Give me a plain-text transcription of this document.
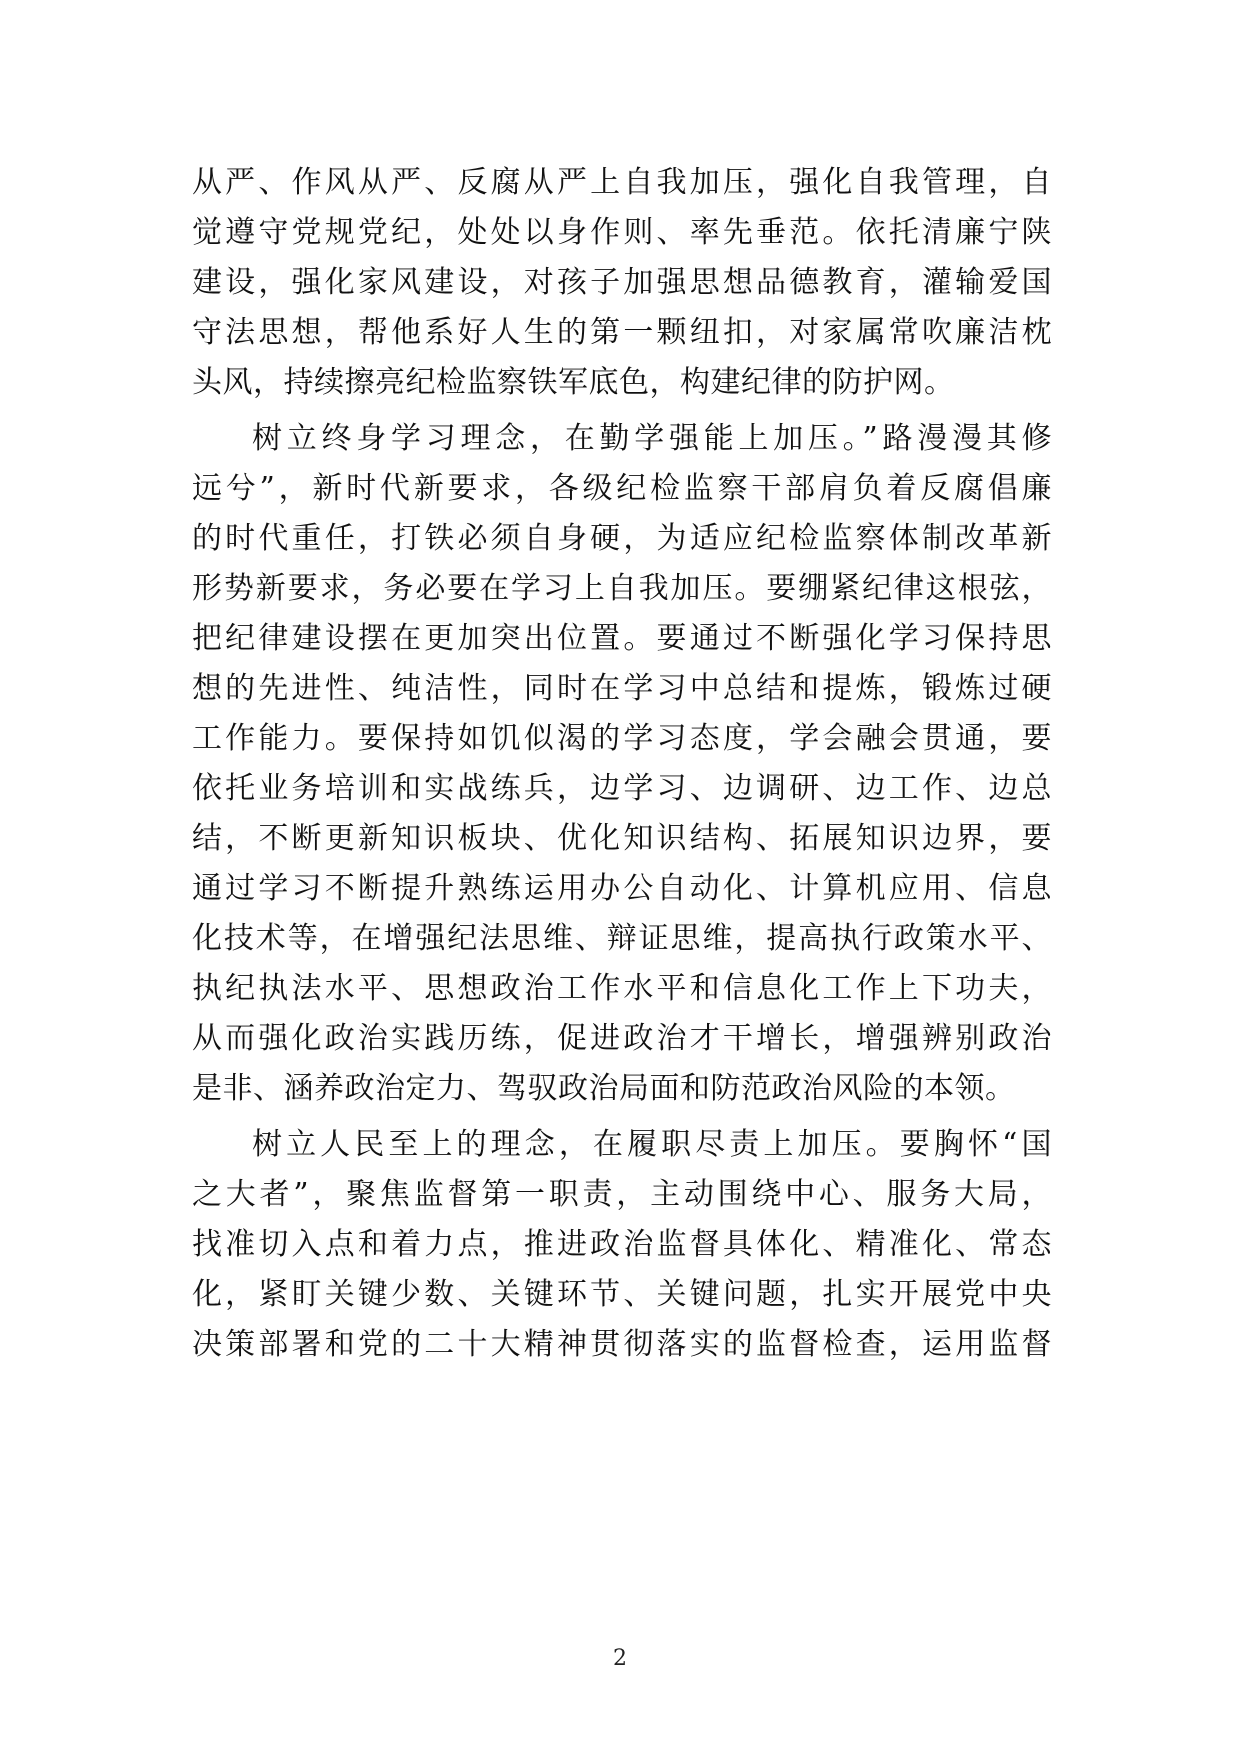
从严、作风从严、反腐从严上自我加压，强化自我管理，自
觉遵守党规党纪，处处以身作则、率先垂范。依托清廉宁陕
建设，强化家风建设，对孩子加强思想品德教育，灌输爱国
守法思想，帮他系好人生的第一颗纽扣，对家属常吹廉洁枕
头风，持续擦亮纪检监察铁军底色，构建纪律的防护网。
树立终身学习理念，在勤学强能上加压。”路漫漫其修
远兮”，新时代新要求，各级纪检监察干部肩负着反腐倡廉
的时代重任，打铁必须自身硬，为适应纪检监察体制改革新
形势新要求，务必要在学习上自我加压。要绷紧纪律这根弦，
把纪律建设摆在更加突出位置。要通过不断强化学习保持思
想的先进性、纯洁性，同时在学习中总结和提炼，锻炼过硬
工作能力。要保持如饥似渴的学习态度，学会融会贯通，要
依托业务培训和实战练兵，边学习、边调研、边工作、边总
结，不断更新知识板块、优化知识结构、拓展知识边界，要
通过学习不断提升熟练运用办公自动化、计算机应用、信息
化技术等，在增强纪法思维、辩证思维，提高执行政策水平、
执纪执法水平、思想政治工作水平和信息化工作上下功夫，
从而强化政治实践历练，促进政治才干增长，增强辨别政治
是非、涵养政治定力、驾驭政治局面和防范政治风险的本领。
树立人民至上的理念，在履职尽责上加压。要胸怀“国
之大者”，聚焦监督第一职责，主动围绕中心、服务大局，
找准切入点和着力点，推进政治监督具体化、精准化、常态
化，紧盯关键少数、关键环节、关键问题，扎实开展党中央
决策部署和党的二十大精神贯彻落实的监督检查，运用监督
2
